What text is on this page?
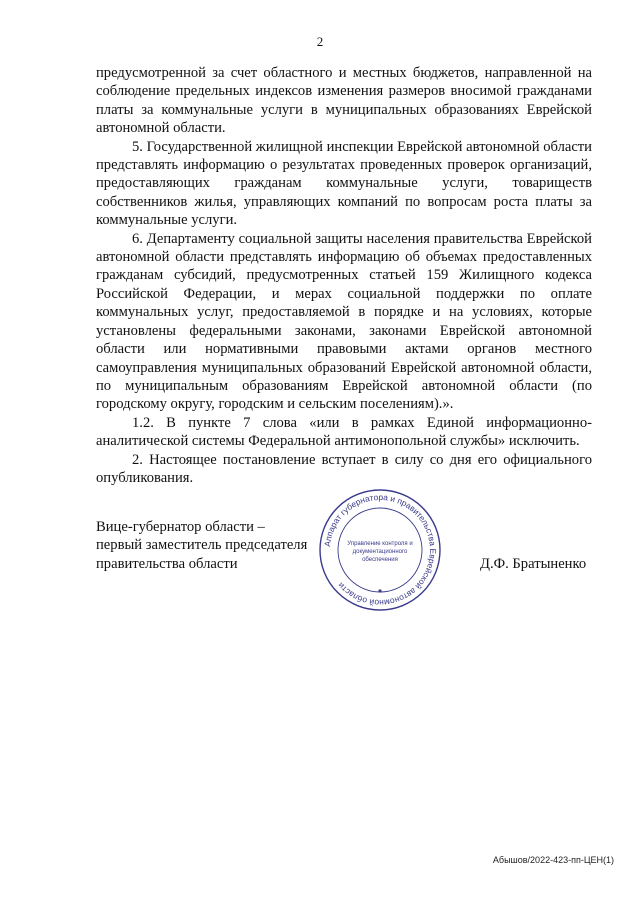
2

предусмотренной за счет областного и местных бюджетов, направленной на соблюдение предельных индексов изменения размеров вносимой гражданами платы за коммунальные услуги в муниципальных образованиях Еврейской автономной области.

5. Государственной жилищной инспекции Еврейской автономной области представлять информацию о результатах проведенных проверок организаций, предоставляющих гражданам коммунальные услуги, товариществ собственников жилья, управляющих компаний по вопросам роста платы за коммунальные услуги.

6. Департаменту социальной защиты населения правительства Еврейской автономной области представлять информацию об объемах предоставленных гражданам субсидий, предусмотренных статьей 159 Жилищного кодекса Российской Федерации, и мерах социальной поддержки по оплате коммунальных услуг, предоставляемой в порядке и на условиях, которые установлены федеральными законами, законами Еврейской автономной области или нормативными правовыми актами органов местного самоуправления муниципальных образований Еврейской автономной области, по муниципальным образованиям Еврейской автономной области (по городскому округу, городским и сельским поселениям).».

1.2. В пункте 7 слова «или в рамках Единой информационно-аналитической системы Федеральной антимонопольной службы» исключить.

2. Настоящее постановление вступает в силу со дня его официального опубликования.

Вице-губернатор области –
первый заместитель председателя
правительства области
Аппарат губернатора и правительства Еврейской автономной области
Управление контроля и
документационного
обеспечения	Д.Ф. Братыненко
Абышов/2022-423-пп-ЦЕН(1)
